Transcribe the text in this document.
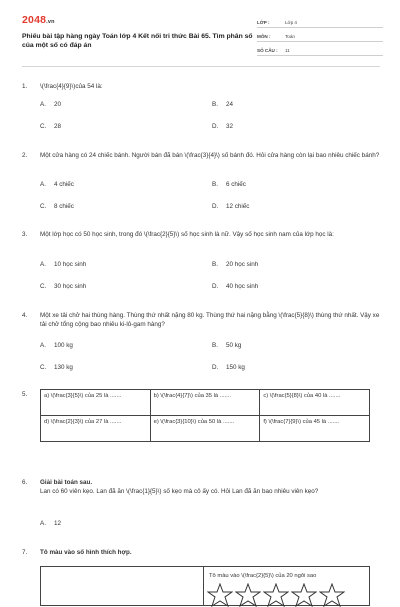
2048.vn
Phiếu bài tập hàng ngày Toán lớp 4 Kết nối tri thức Bài 65. Tìm phân số của một số có đáp án
LỚP :	Lớp 4
MÔN :	Toán
SỐ CÂU :	11
1.	\(\frac{4}{9}\)của 54 là:
A. 20	B. 24
C. 28	D. 32
2.	Một cửa hàng có 24 chiếc bánh. Người bán đã bán \(\frac{3}{4}\) số bánh đó. Hỏi cửa hàng còn lại bao nhiêu chiếc bánh?
A. 4 chiếc	B. 6 chiếc
C. 8 chiếc	D. 12 chiếc
3.	Một lớp học có 50 học sinh, trong đó \(\frac{2}{5}\) số học sinh là nữ. Vậy số học sinh nam của lớp học là:
A. 10 học sinh	B. 20 học sinh
C. 30 học sinh	D. 40 học sinh
4.	Một xe tải chở hai thùng hàng. Thùng thứ nhất nặng 80 kg. Thùng thứ hai nặng bằng \(\frac{5}{8}\) thùng thứ nhất. Vậy xe tải chở tổng cộng bao nhiêu ki-lô-gam hàng?
A. 100 kg	B. 50 kg
C. 130 kg	D. 150 kg
5.	a) \(\frac{3}{5}\) của 25 là .......	b) \(\frac{4}{7}\) của 35 là .......	c) \(\frac{5}{8}\) của 40 là .......
d) \(\frac{2}{3}\) của 27 là .......	e) \(\frac{3}{10}\) của 50 là .......	f) \(\frac{7}{9}\) của 45 là .......
6.	Giải bài toán sau.
Lan có 60 viên kẹo. Lan đã ăn \(\frac{1}{5}\) số kẹo mà cô ấy có. Hỏi Lan đã ăn bao nhiêu viên kẹo?
A. 12
7.	Tô màu vào số hình thích hợp.
Tô màu vào \(\frac{2}{5}\) của 20 ngôi sao
